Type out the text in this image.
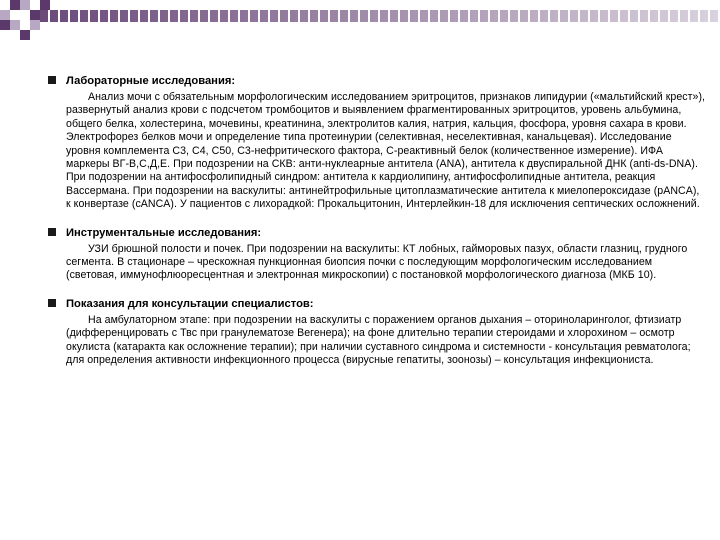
Лабораторные исследования:
Анализ мочи с обязательным морфологическим исследованием эритроцитов, признаков липидурии («мальтийский крест»), развернутый анализ крови с подсчетом тромбоцитов и выявлением фрагментированных эритроцитов, уровень альбумина, общего белка, холестерина, мочевины, креатинина, электролитов калия, натрия, кальция, фосфора, уровня сахара в крови. Электрофорез белков мочи и определение типа протеинурии (селективная, неселективная, канальцевая). Исследование уровня комплемента С3, С4, С50, С3-нефритического фактора, С-реактивный белок (количественное измерение). ИФА маркеры ВГ-В,С,Д,Е. При подозрении на СКВ: анти-нуклеарные антитела (ANA), антитела к двуспиральной ДНК (anti-ds-DNA). При подозрении на антифосфолипидный синдром: антитела к кардиолипину, антифосфолипидные антитела, реакция Вассермана. При подозрении на васкулиты: антинейтрофильные цитоплазматические антитела к миелопероксидазе (pANCA), к конвертазе (cANCA). У пациентов с лихорадкой: Прокальцитонин, Интерлейкин-18 для исключения септических осложнений.
Инструментальные исследования:
УЗИ брюшной полости и почек. При подозрении на васкулиты: КТ лобных, гайморовых пазух, области глазниц, грудного сегмента. В стационаре – чрескожная пункционная биопсия почки с последующим морфологическим исследованием (световая, иммунофлюоресцентная и электронная микроскопии) с постановкой морфологического диагноза (МКБ 10).
Показания для консультации специалистов:
На амбулаторном этапе: при подозрении на васкулиты с поражением органов дыхания – оториноларинголог, фтизиатр (дифференцировать с Твс при гранулематозе Вегенера); на фоне длительно терапии стероидами и хлорохином – осмотр окулиста (катаракта как осложнение терапии); при наличии суставного синдрома и системности - консультация ревматолога; для определения активности инфекционного процесса (вирусные гепатиты, зоонозы) – консультация инфекциониста.
